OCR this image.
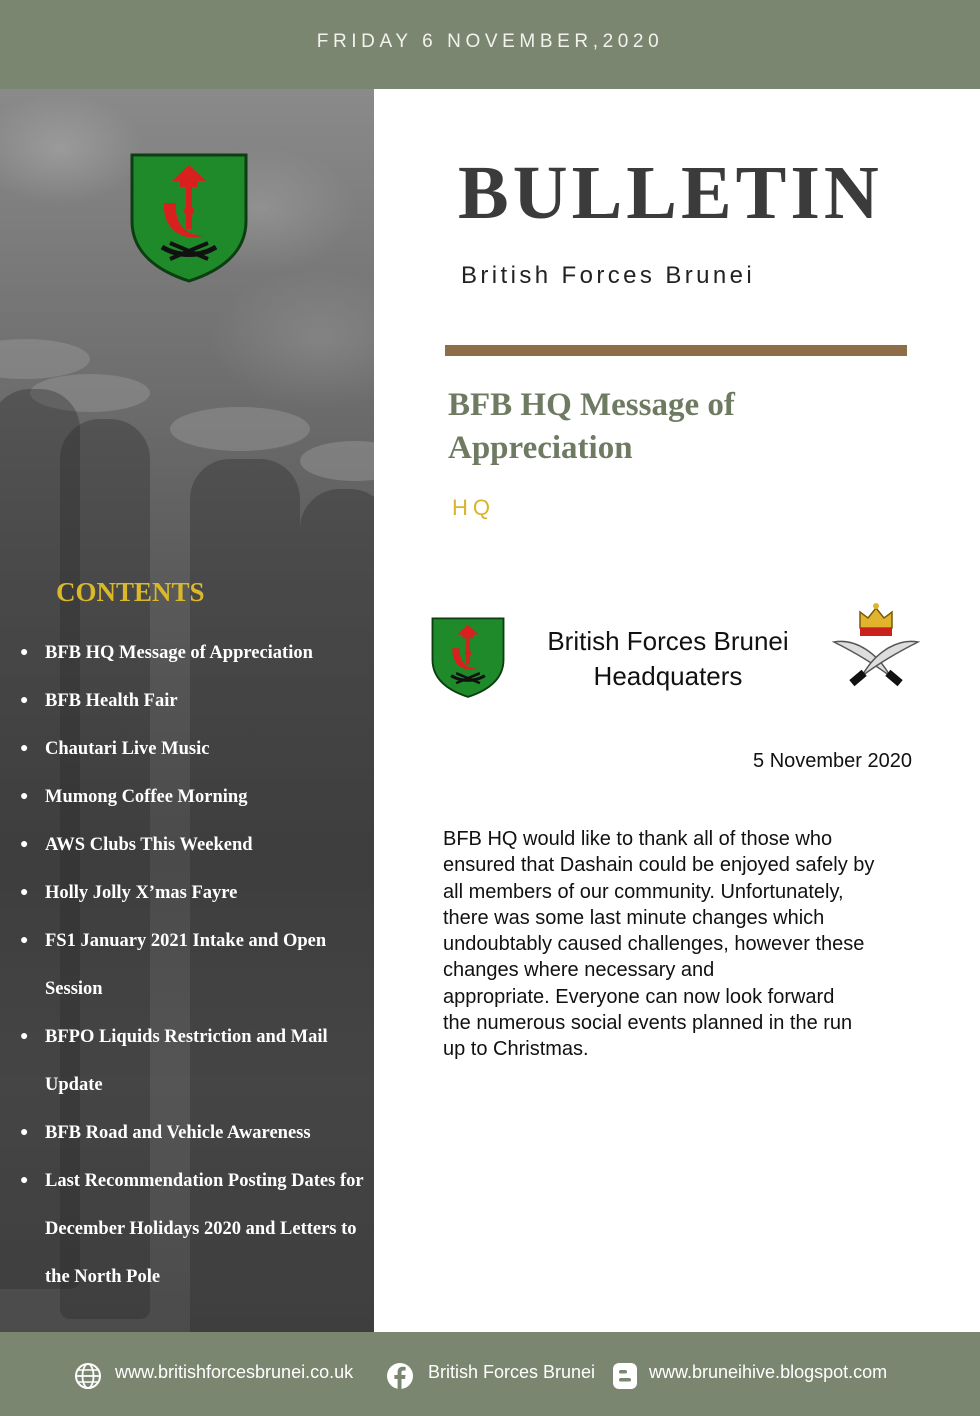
FRIDAY 6 NOVEMBER,2020
CONTENTS
● BFB HQ Message of Appreciation
● BFB Health Fair
● Chautari Live Music
● Mumong Coffee Morning
● AWS Clubs This Weekend
● Holly Jolly X’mas Fayre
● FS1 January 2021 Intake and Open Session
● BFPO Liquids Restriction and Mail Update
● BFB Road and Vehicle Awareness
● Last Recommendation Posting Dates for December Holidays 2020 and Letters to the North Pole
BULLETIN
British Forces Brunei
BFB HQ Message of Appreciation
HQ
British Forces Brunei
Headquaters
5 November 2020
BFB HQ would like to thank all of those who
ensured that Dashain could be enjoyed safely by
all members of our community. Unfortunately,
there was some last minute changes which
undoubtably caused challenges, however these
changes where necessary and
appropriate. Everyone can now look forward
the numerous social events planned in the run
up to Christmas.
www.britishforcesbrunei.co.uk	British Forces Brunei	www.bruneihive.blogspot.com
